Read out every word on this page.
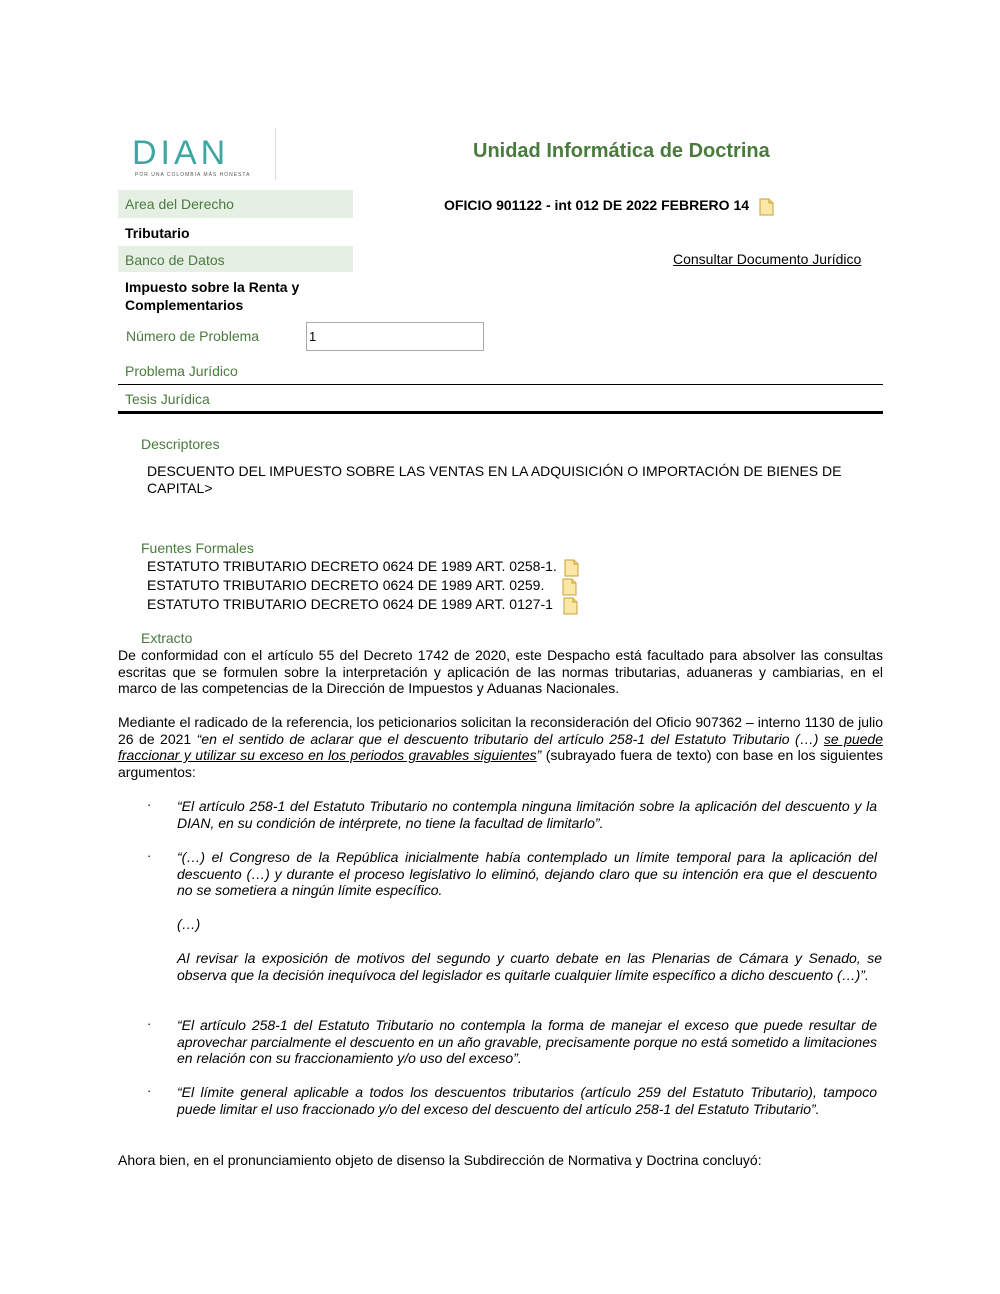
DIAN
POR UNA COLOMBIA MÁS HONESTA
Unidad Informática de Doctrina
Area del Derecho
Tributario
OFICIO 901122 - int 012 DE 2022 FEBRERO 14
Banco de Datos	Consultar Documento Jurídico
Impuesto sobre la Renta y
Complementarios
Número de Problema
1
Problema Jurídico
Tesis Jurídica
Descriptores
DESCUENTO DEL IMPUESTO SOBRE LAS VENTAS EN LA ADQUISICIÓN O IMPORTACIÓN DE BIENES DE
CAPITAL>
Fuentes Formales
ESTATUTO TRIBUTARIO DECRETO 0624 DE 1989 ART. 0258-1.
ESTATUTO TRIBUTARIO DECRETO 0624 DE 1989 ART. 0259.
ESTATUTO TRIBUTARIO DECRETO 0624 DE 1989 ART. 0127-1
Extracto
De conformidad con el artículo 55 del Decreto 1742 de 2020, este Despacho está facultado para absolver las consultas escritas que se formulen sobre la interpretación y aplicación de las normas tributarias, aduaneras y cambiarias, en el marco de las competencias de la Dirección de Impuestos y Aduanas Nacionales.
Mediante el radicado de la referencia, los peticionarios solicitan la reconsideración del Oficio 907362 – interno 1130 de julio 26 de 2021 “en el sentido de aclarar que el descuento tributario del artículo 258-1 del Estatuto Tributario (…) se puede fraccionar y utilizar su exceso en los periodos gravables siguientes” (subrayado fuera de texto) con base en los siguientes argumentos:
· “El artículo 258-1 del Estatuto Tributario no contempla ninguna limitación sobre la aplicación del descuento y la DIAN, en su condición de intérprete, no tiene la facultad de limitarlo”.
· “(…) el Congreso de la República inicialmente había contemplado un límite temporal para la aplicación del descuento (…) y durante el proceso legislativo lo eliminó, dejando claro que su intención era que el descuento no se sometiera a ningún límite específico.
(…)
Al revisar la exposición de motivos del segundo y cuarto debate en las Plenarias de Cámara y Senado, se observa que la decisión inequívoca del legislador es quitarle cualquier límite específico a dicho descuento (…)”.
· “El artículo 258-1 del Estatuto Tributario no contempla la forma de manejar el exceso que puede resultar de aprovechar parcialmente el descuento en un año gravable, precisamente porque no está sometido a limitaciones en relación con su fraccionamiento y/o uso del exceso”.
· “El límite general aplicable a todos los descuentos tributarios (artículo 259 del Estatuto Tributario), tampoco puede limitar el uso fraccionado y/o del exceso del descuento del artículo 258-1 del Estatuto Tributario”.
Ahora bien, en el pronunciamiento objeto de disenso la Subdirección de Normativa y Doctrina concluyó:
